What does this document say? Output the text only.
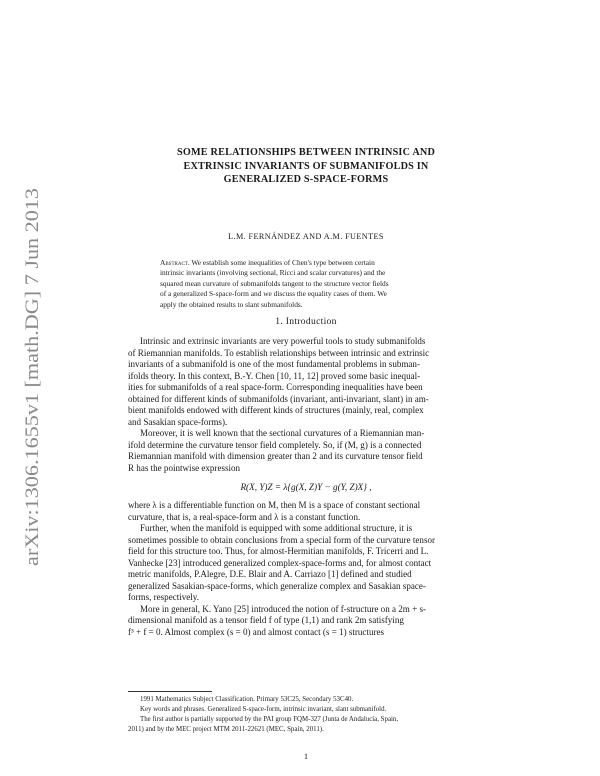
arXiv:1306.1655v1 [math.DG] 7 Jun 2013
SOME RELATIONSHIPS BETWEEN INTRINSIC AND
EXTRINSIC INVARIANTS OF SUBMANIFOLDS IN
GENERALIZED S-SPACE-FORMS
L.M. FERNÁNDEZ AND A.M. FUENTES
Abstract. We establish some inequalities of Chen's type between certain
intrinsic invariants (involving sectional, Ricci and scalar curvatures) and the
squared mean curvature of submanifolds tangent to the structure vector fields
of a generalized S-space-form and we discuss the equality cases of them. We
apply the obtained results to slant submanifolds.
1. Introduction
Intrinsic and extrinsic invariants are very powerful tools to study submanifolds
of Riemannian manifolds. To establish relationships between intrinsic and extrinsic
invariants of a submanifold is one of the most fundamental problems in subman-
ifolds theory. In this context, B.-Y. Chen [10, 11, 12] proved some basic inequal-
ities for submanifolds of a real space-form. Corresponding inequalities have been
obtained for different kinds of submanifolds (invariant, anti-invariant, slant) in am-
bient manifolds endowed with different kinds of structures (mainly, real, complex
and Sasakian space-forms).
Moreover, it is well known that the sectional curvatures of a Riemannian man-
ifold determine the curvature tensor field completely. So, if (M, g) is a connected
Riemannian manifold with dimension greater than 2 and its curvature tensor field
R has the pointwise expression
R(X, Y)Z = λ{g(X, Z)Y − g(Y, Z)X} ,
where λ is a differentiable function on M, then M is a space of constant sectional
curvature, that is, a real-space-form and λ is a constant function.
Further, when the manifold is equipped with some additional structure, it is
sometimes possible to obtain conclusions from a special form of the curvature tensor
field for this structure too. Thus, for almost-Hermitian manifolds, F. Tricerri and L.
Vanhecke [23] introduced generalized complex-space-forms and, for almost contact
metric manifolds, P.Alegre, D.E. Blair and A. Carriazo [1] defined and studied
generalized Sasakian-space-forms, which generalize complex and Sasakian space-
forms, respectively.
More in general, K. Yano [25] introduced the notion of f-structure on a 2m + s-
dimensional manifold as a tensor field f of type (1,1) and rank 2m satisfying
f³ + f = 0. Almost complex (s = 0) and almost contact (s = 1) structures
1991 Mathematics Subject Classification. Primary 53C25, Secondary 53C40.
Key words and phrases. Generalized S-space-form, intrinsic invariant, slant submanifold.
The first author is partially supported by the PAI group FQM-327 (Junta de Andalucía, Spain,
2011) and by the MEC project MTM 2011-22621 (MEC, Spain, 2011).
1
